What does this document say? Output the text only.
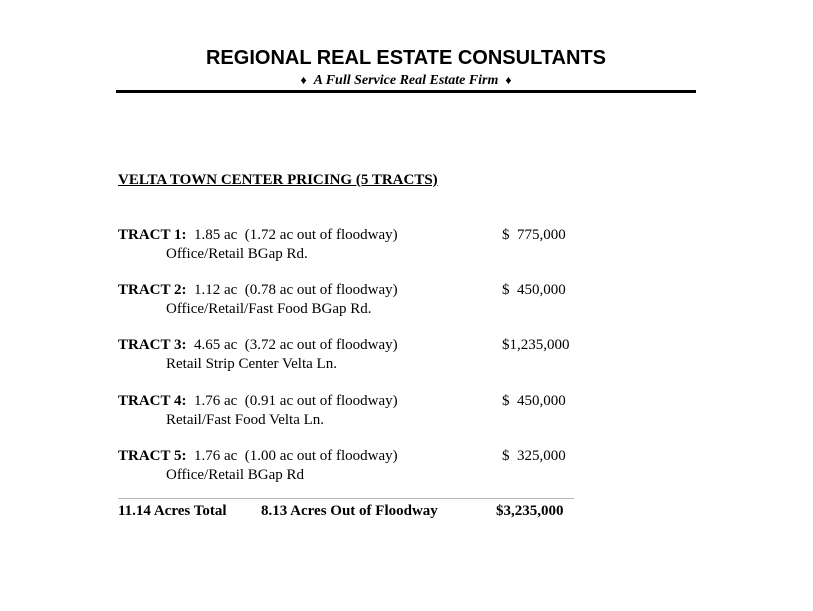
REGIONAL REAL ESTATE CONSULTANTS
♦ A Full Service Real Estate Firm ♦
VELTA TOWN CENTER PRICING (5 TRACTS)
TRACT 1: 1.85 ac  (1.72 ac out of floodway)
Office/Retail BGap Rd.
$  775,000
TRACT 2: 1.12 ac  (0.78 ac out of floodway)
Office/Retail/Fast Food BGap Rd.
$  450,000
TRACT 3: 4.65 ac  (3.72 ac out of floodway)
Retail Strip Center Velta Ln.
$1,235,000
TRACT 4: 1.76 ac  (0.91 ac out of floodway)
Retail/Fast Food Velta Ln.
$  450,000
TRACT 5: 1.76 ac  (1.00 ac out of floodway)
Office/Retail BGap Rd
$  325,000
11.14 Acres Total 8.13 Acres Out of Floodway	$3,235,000
